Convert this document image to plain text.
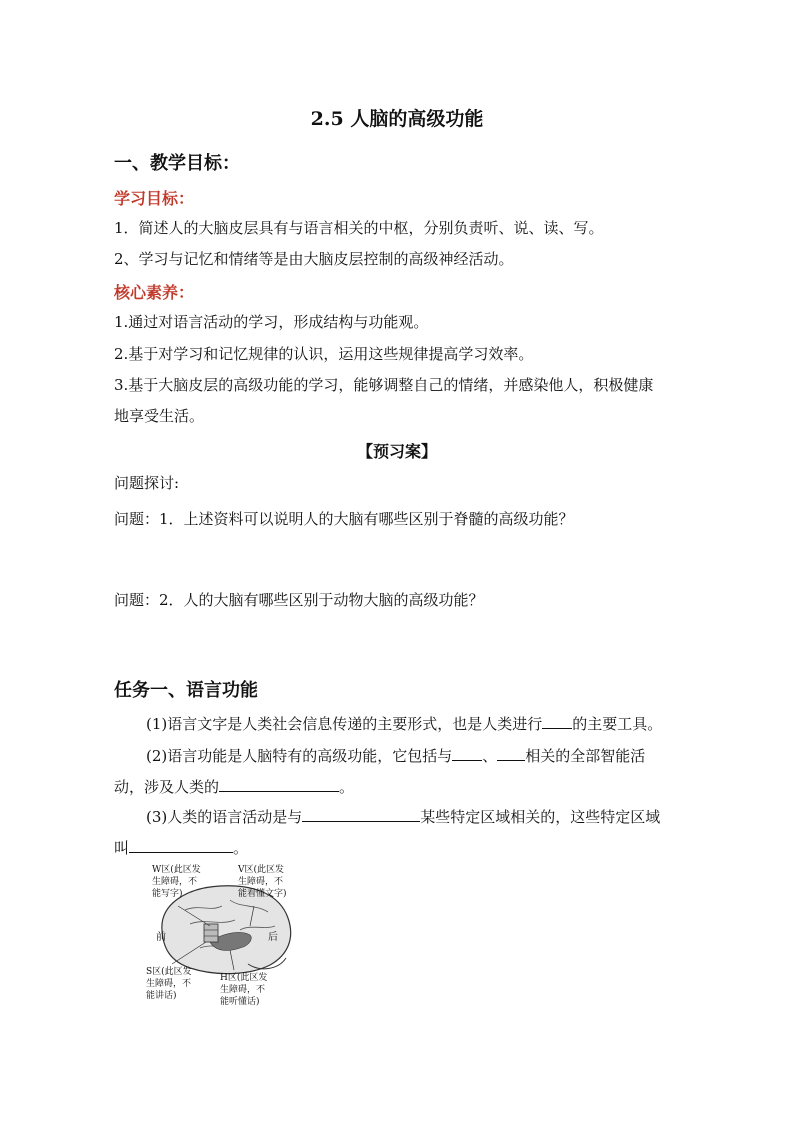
2.5 人脑的高级功能
一、教学目标：
学习目标：
1．简述人的大脑皮层具有与语言相关的中枢，分别负责听、说、读、写。
2、学习与记忆和情绪等是由大脑皮层控制的高级神经活动。
核心素养：
1.通过对语言活动的学习，形成结构与功能观。
2.基于对学习和记忆规律的认识，运用这些规律提高学习效率。
3.基于大脑皮层的高级功能的学习，能够调整自己的情绪，并感染他人，积极健康
地享受生活。
【预习案】
问题探讨:
问题：1．上述资料可以说明人的大脑有哪些区别于脊髓的高级功能？
问题：2．人的大脑有哪些区别于动物大脑的高级功能？
任务一、语言功能
(1)语言文字是人类社会信息传递的主要形式，也是人类进行 的主要工具。
(2)语言功能是人脑特有的高级功能，它包括与 、 相关的全部智能活
动，涉及人类的	。
(3)人类的语言活动是与	某些特定区域相关的，这些特定区域
叫	。
W区(此区发 生障碍，不 能写字)
V区(此区发 生障碍，不 能看懂文字)
前	后
S区(此区发 生障碍，不 能讲话)
H区(此区发 生障碍，不 能听懂话)
